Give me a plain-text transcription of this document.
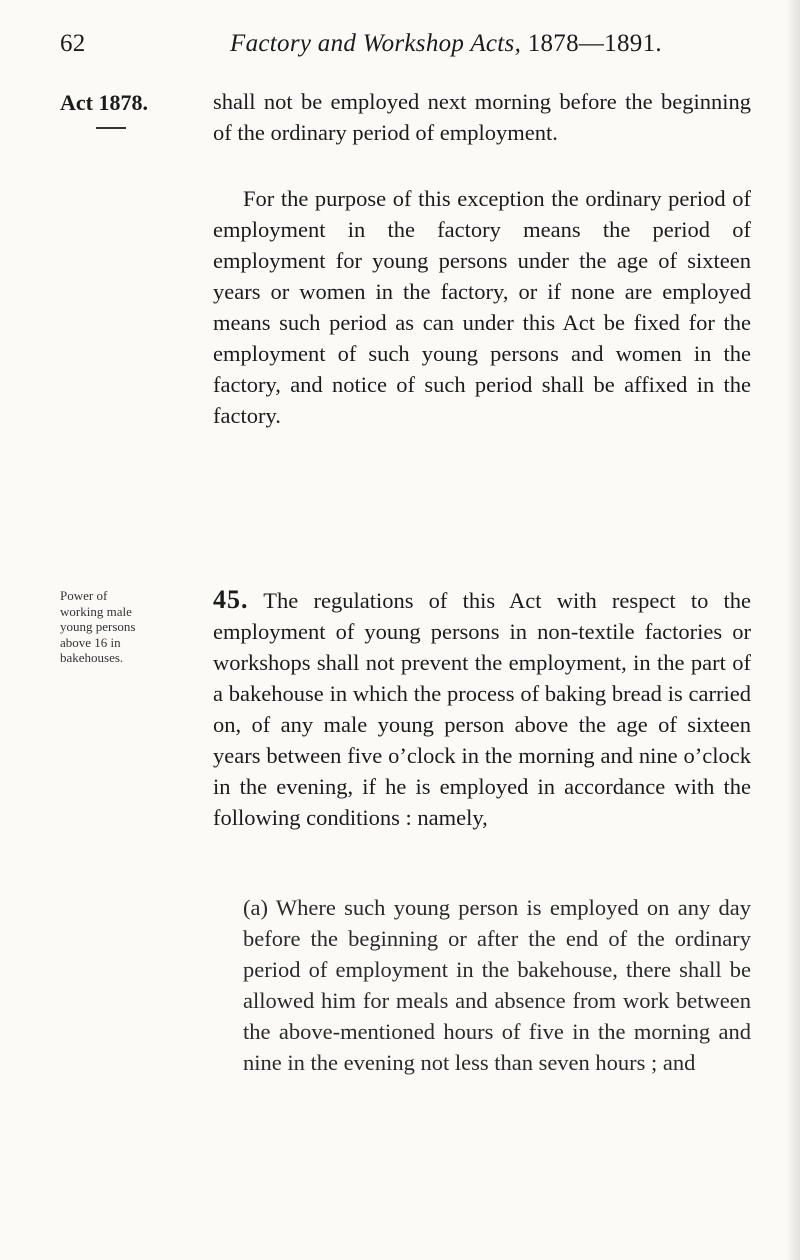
62	Factory and Workshop Acts, 1878—1891.
Act 1878.	shall not be employed next morning before the beginning of the ordinary period of employment.
For the purpose of this exception the ordinary period of employment in the factory means the period of employment for young persons under the age of sixteen years or women in the factory, or if none are employed means such period as can under this Act be fixed for the employment of such young persons and women in the factory, and notice of such period shall be affixed in the factory.
Power of working male young persons above 16 in bakehouses.
45. The regulations of this Act with respect to the employment of young persons in non-textile factories or workshops shall not prevent the employment, in the part of a bakehouse in which the process of baking bread is carried on, of any male young person above the age of sixteen years between five o’clock in the morning and nine o’clock in the evening, if he is employed in accordance with the following conditions : namely,
(a) Where such young person is employed on any day before the beginning or after the end of the ordinary period of employment in the bakehouse, there shall be allowed him for meals and absence from work between the above-mentioned hours of five in the morning and nine in the evening not less than seven hours ; and
